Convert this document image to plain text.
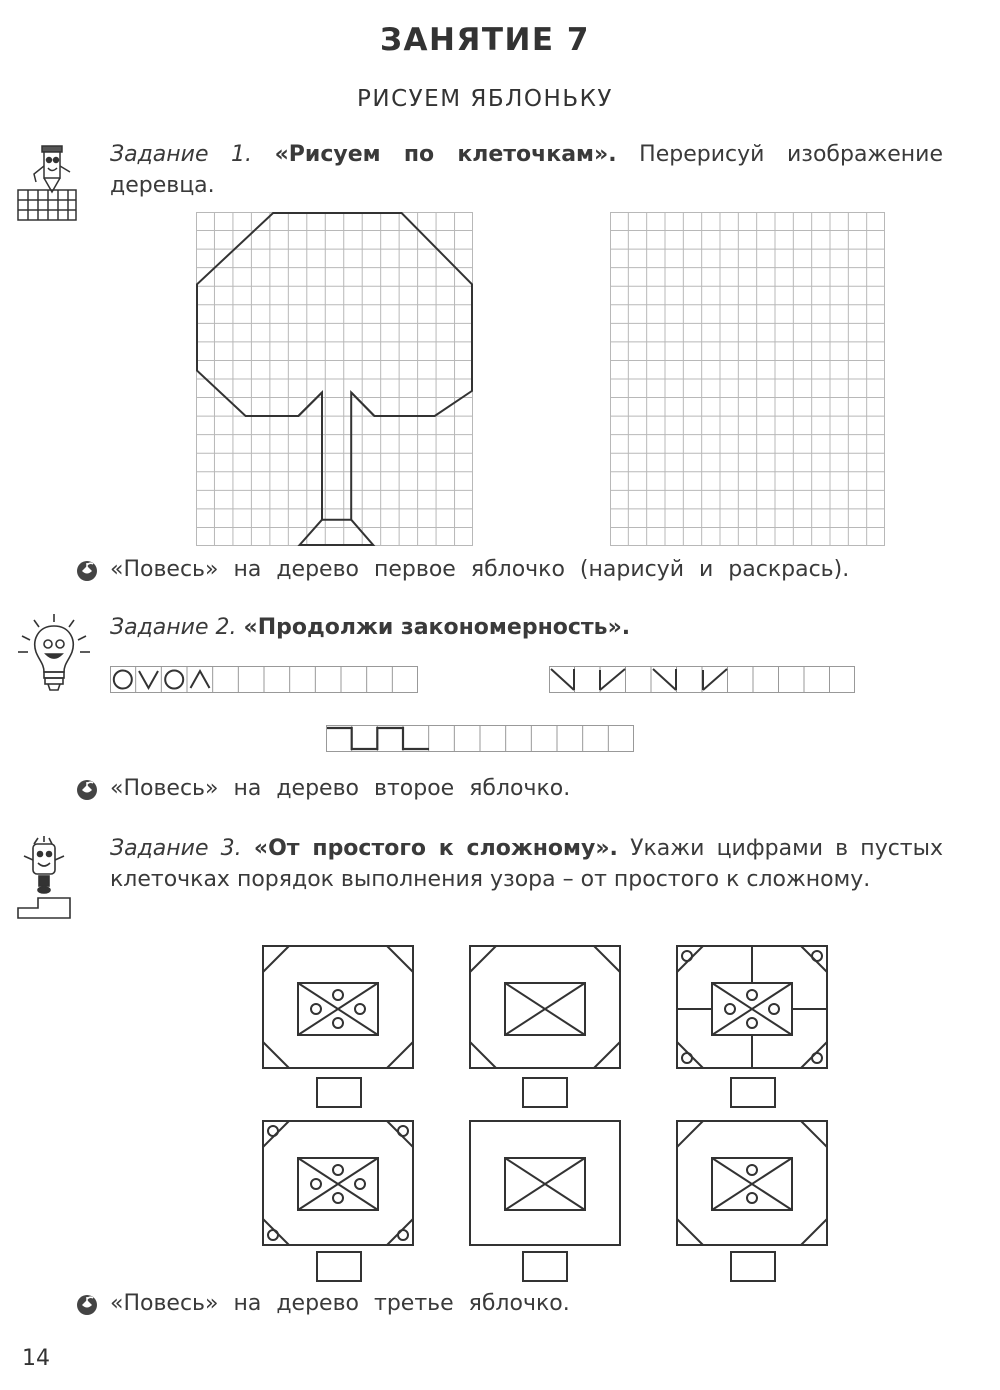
ЗАНЯТИЕ 7
РИСУЕМ ЯБЛОНЬКУ
Задание 1. «Рисуем по клеточкам». Перерисуй изображение деревца.
«Повесь» на дерево первое яблочко (нарисуй и раскрась).
Задание 2. «Продолжи закономерность».
«Повесь» на дерево второе яблочко.
Задание 3. «От простого к сложному». Укажи цифрами в пустых клеточках порядок выполнения узора – от простого к сложному.
«Повесь» на дерево третье яблочко.
14
